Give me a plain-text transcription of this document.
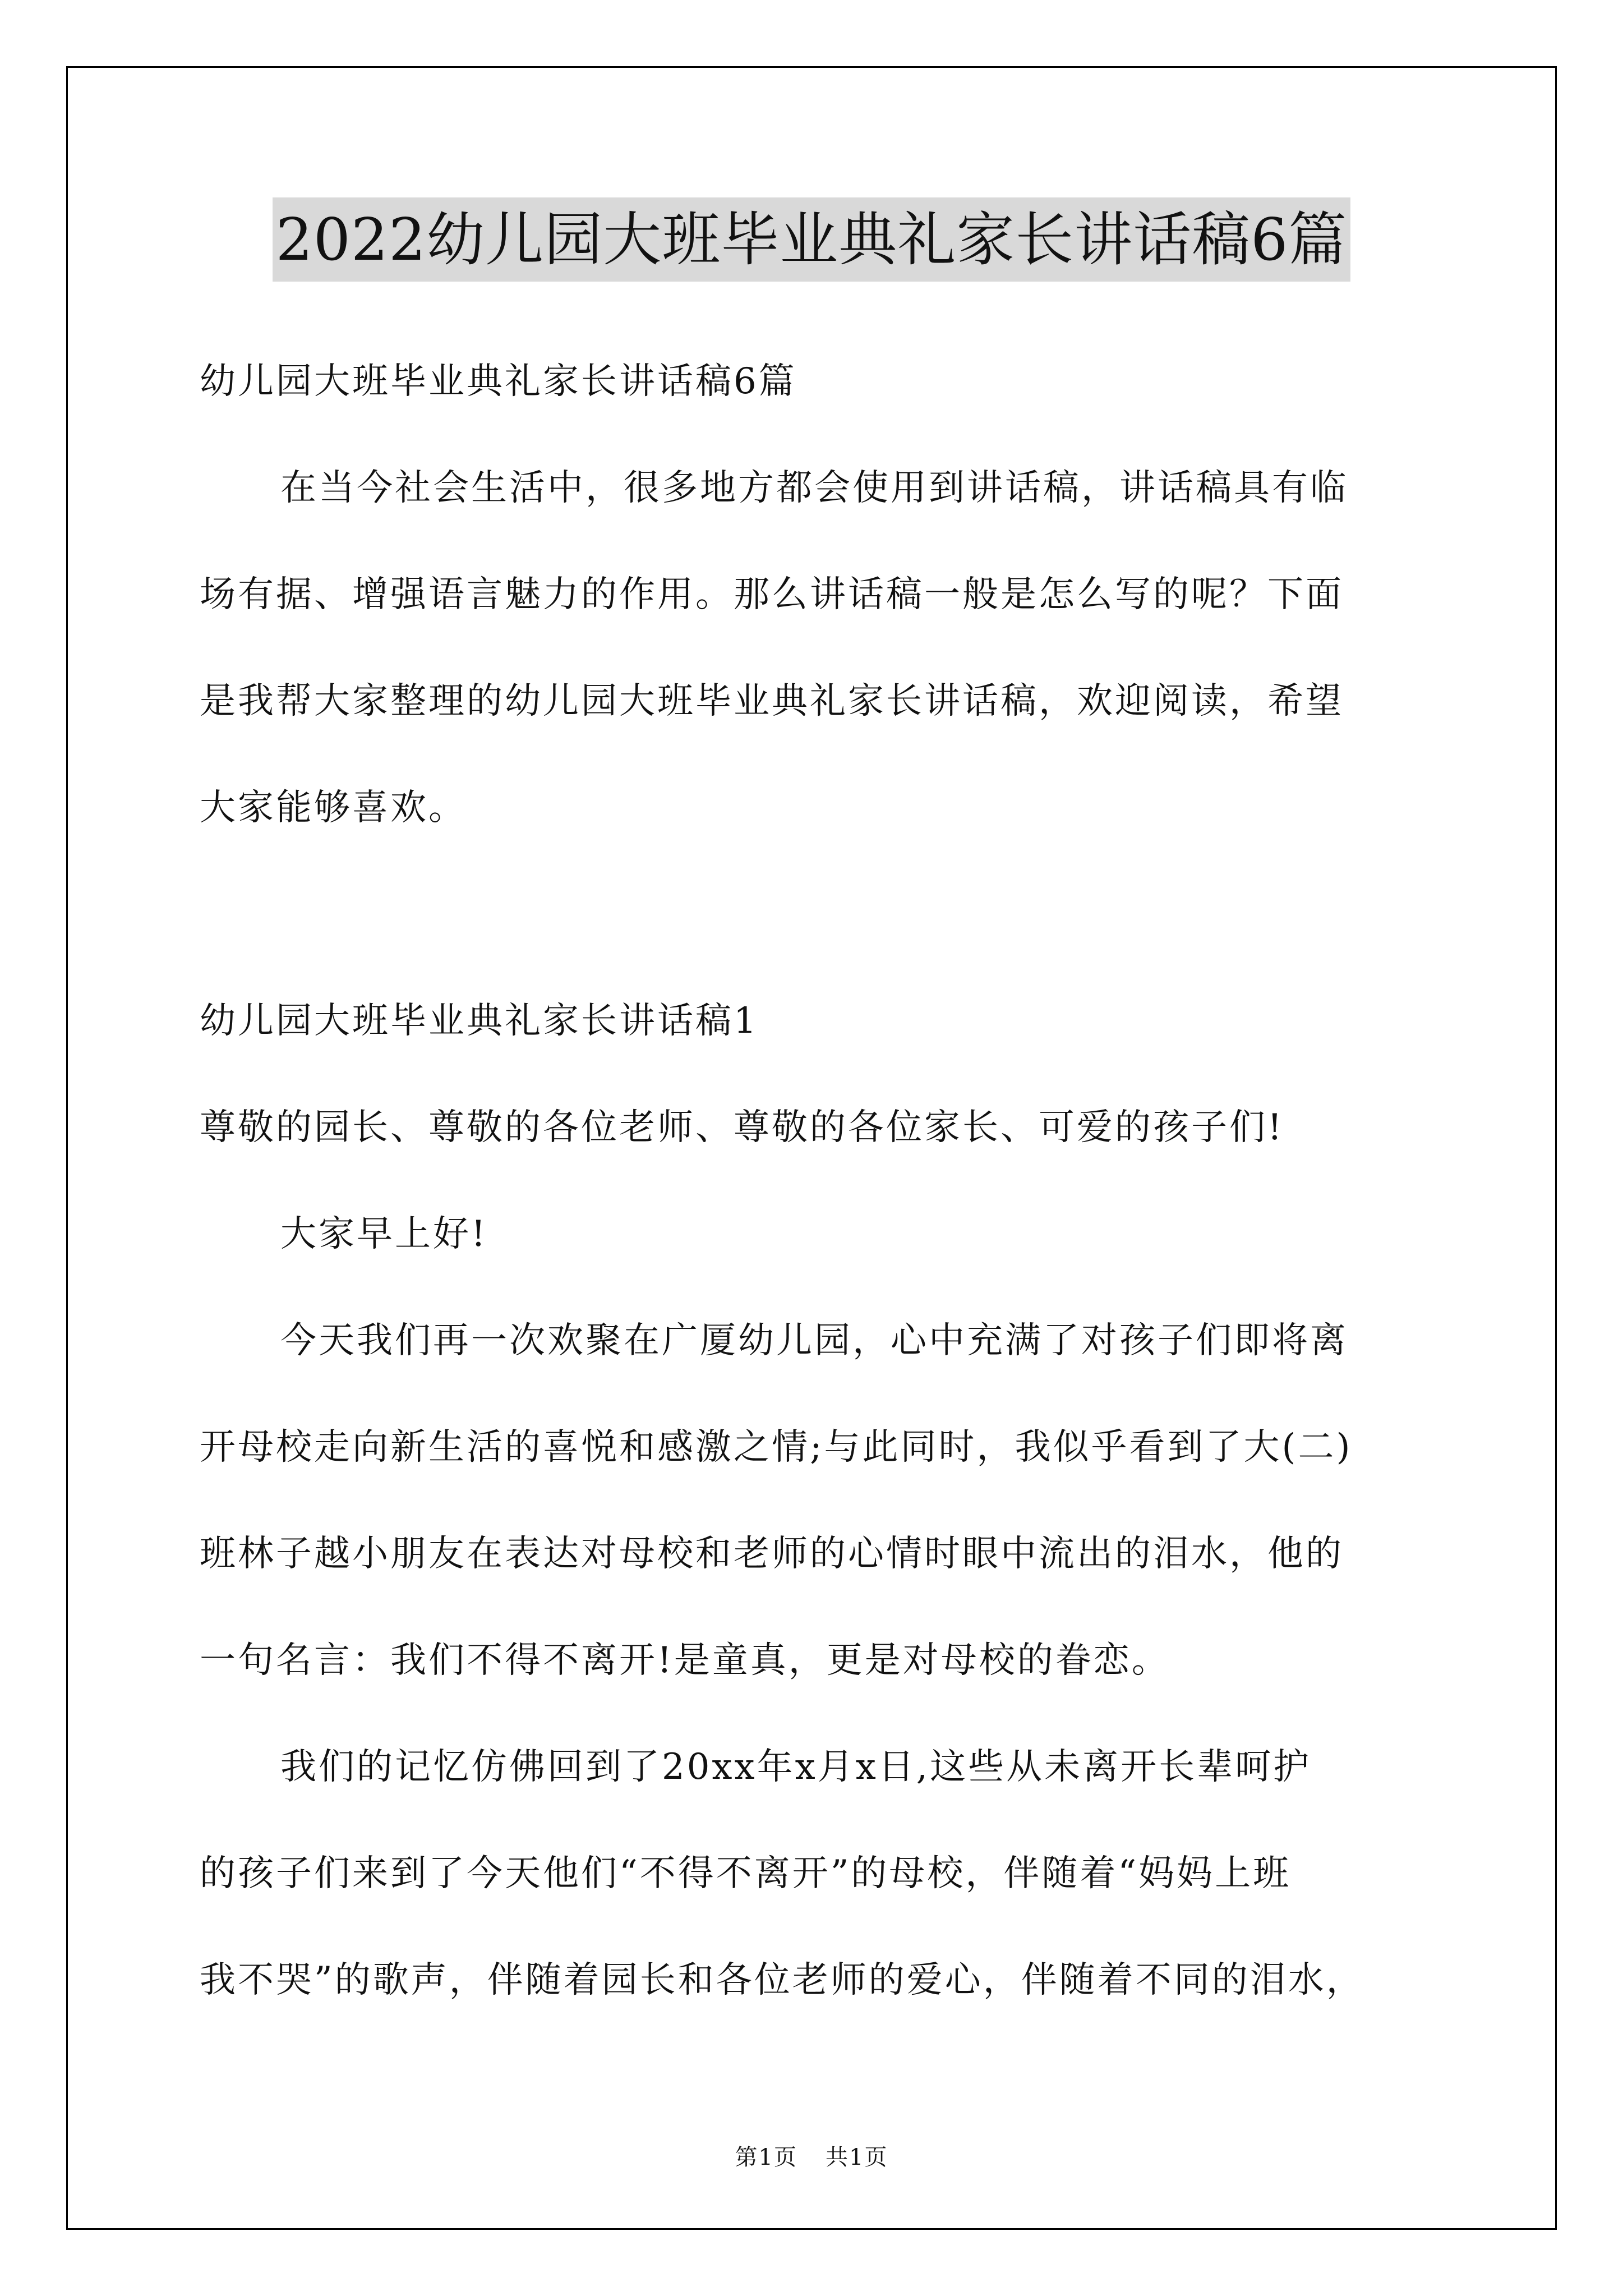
2022幼儿园大班毕业典礼家长讲话稿6篇
幼儿园大班毕业典礼家长讲话稿6篇
在当今社会生活中，很多地方都会使用到讲话稿，讲话稿具有临
场有据、增强语言魅力的作用。那么讲话稿一般是怎么写的呢？下面
是我帮大家整理的幼儿园大班毕业典礼家长讲话稿，欢迎阅读，希望
大家能够喜欢。
幼儿园大班毕业典礼家长讲话稿1
尊敬的园长、尊敬的各位老师、尊敬的各位家长、可爱的孩子们!
大家早上好!
今天我们再一次欢聚在广厦幼儿园，心中充满了对孩子们即将离
开母校走向新生活的喜悦和感激之情;与此同时，我似乎看到了大(二)
班林子越小朋友在表达对母校和老师的心情时眼中流出的泪水，他的
一句名言：我们不得不离开!是童真，更是对母校的眷恋。
我们的记忆仿佛回到了20xx年x月x日,这些从未离开长辈呵护
的孩子们来到了今天他们“不得不离开”的母校，伴随着“妈妈上班
我不哭”的歌声，伴随着园长和各位老师的爱心，伴随着不同的泪水，
第1页 共1页
